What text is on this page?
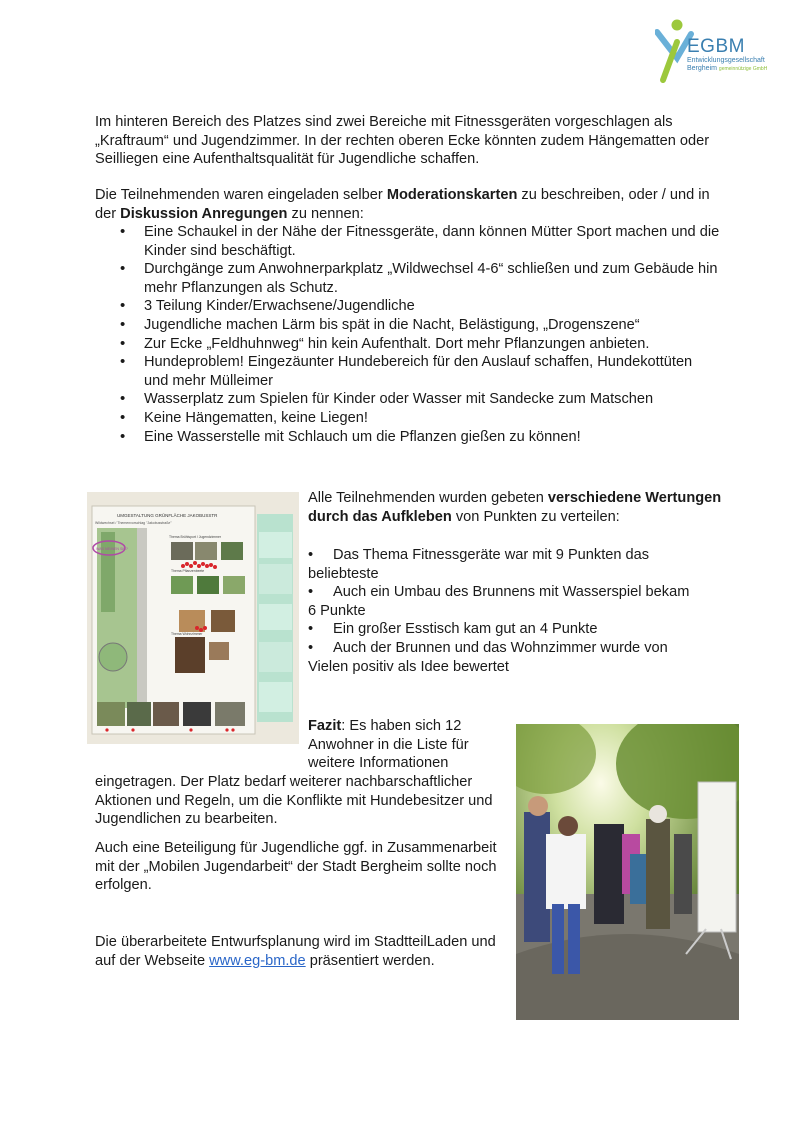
EGBM
Entwicklungsgesellschaft
Bergheim gemeinnützige GmbH

Im hinteren Bereich des Platzes sind zwei Bereiche mit Fitnessgeräten vorgeschlagen als „Kraftraum“ und Jugendzimmer. In der rechten oberen Ecke könnten zudem Hängematten oder Seilliegen eine Aufenthaltsqualität für Jugendliche schaffen.

Die Teilnehmenden waren eingeladen selber Moderationskarten zu beschreiben, oder / und in der Diskussion Anregungen zu nennen:

• Eine Schaukel in der Nähe der Fitnessgeräte, dann können Mütter Sport machen und die Kinder sind beschäftigt.
• Durchgänge zum Anwohnerparkplatz „Wildwechsel 4-6“ schließen und zum Gebäude hin mehr Pflanzungen als Schutz.
• 3 Teilung Kinder/Erwachsene/Jugendliche
• Jugendliche machen Lärm bis spät in die Nacht, Belästigung, „Drogenszene“
• Zur Ecke „Feldhuhnweg“ hin kein Aufenthalt. Dort mehr Pflanzungen anbieten.
• Hundeproblem! Eingezäunter Hundebereich für den Auslauf schaffen, Hundekottüten und mehr Mülleimer
• Wasserplatz zum Spielen für Kinder oder Wasser mit Sandecke zum Matschen
• Keine Hängematten, keine Liegen!
• Eine Wasserstelle mit Schlauch um die Pflanzen gießen zu können!
UMGESTALTUNG GRÜNFLÄCHE JAKOBUSSTR
Wildwechsel / Themenvorschlag "Jakobusstraße"
WAS MEINEN SIE?
Thema Brühlsport / Jugendzimmer
Thema Pflanzenbeete
Thema Wohnzimmer

Alle Teilnehmenden wurden gebeten verschiedene Wertungen durch das Aufkleben von Punkten zu verteilen:

• Das Thema Fitnessgeräte war mit 9 Punkten das
beliebteste
• Auch ein Umbau des Brunnens mit Wasserspiel bekam
6 Punkte
• Ein großer Esstisch kam gut an 4 Punkte
• Auch der Brunnen und das Wohnzimmer wurde von
Vielen positiv als Idee bewertet

Fazit: Es haben sich 12

Anwohner in die Liste für

weitere Informationen

eingetragen. Der Platz bedarf weiterer nachbarschaftlicher Aktionen und Regeln, um die Konflikte mit Hundebesitzer und Jugendlichen zu bearbeiten.

Auch eine Beteiligung für Jugendliche ggf. in Zusammenarbeit mit der „Mobilen Jugendarbeit“ der Stadt Bergheim sollte noch erfolgen.

Die überarbeitete Entwurfsplanung wird im StadtteilLaden und auf der Webseite www.eg-bm.de präsentiert werden.
